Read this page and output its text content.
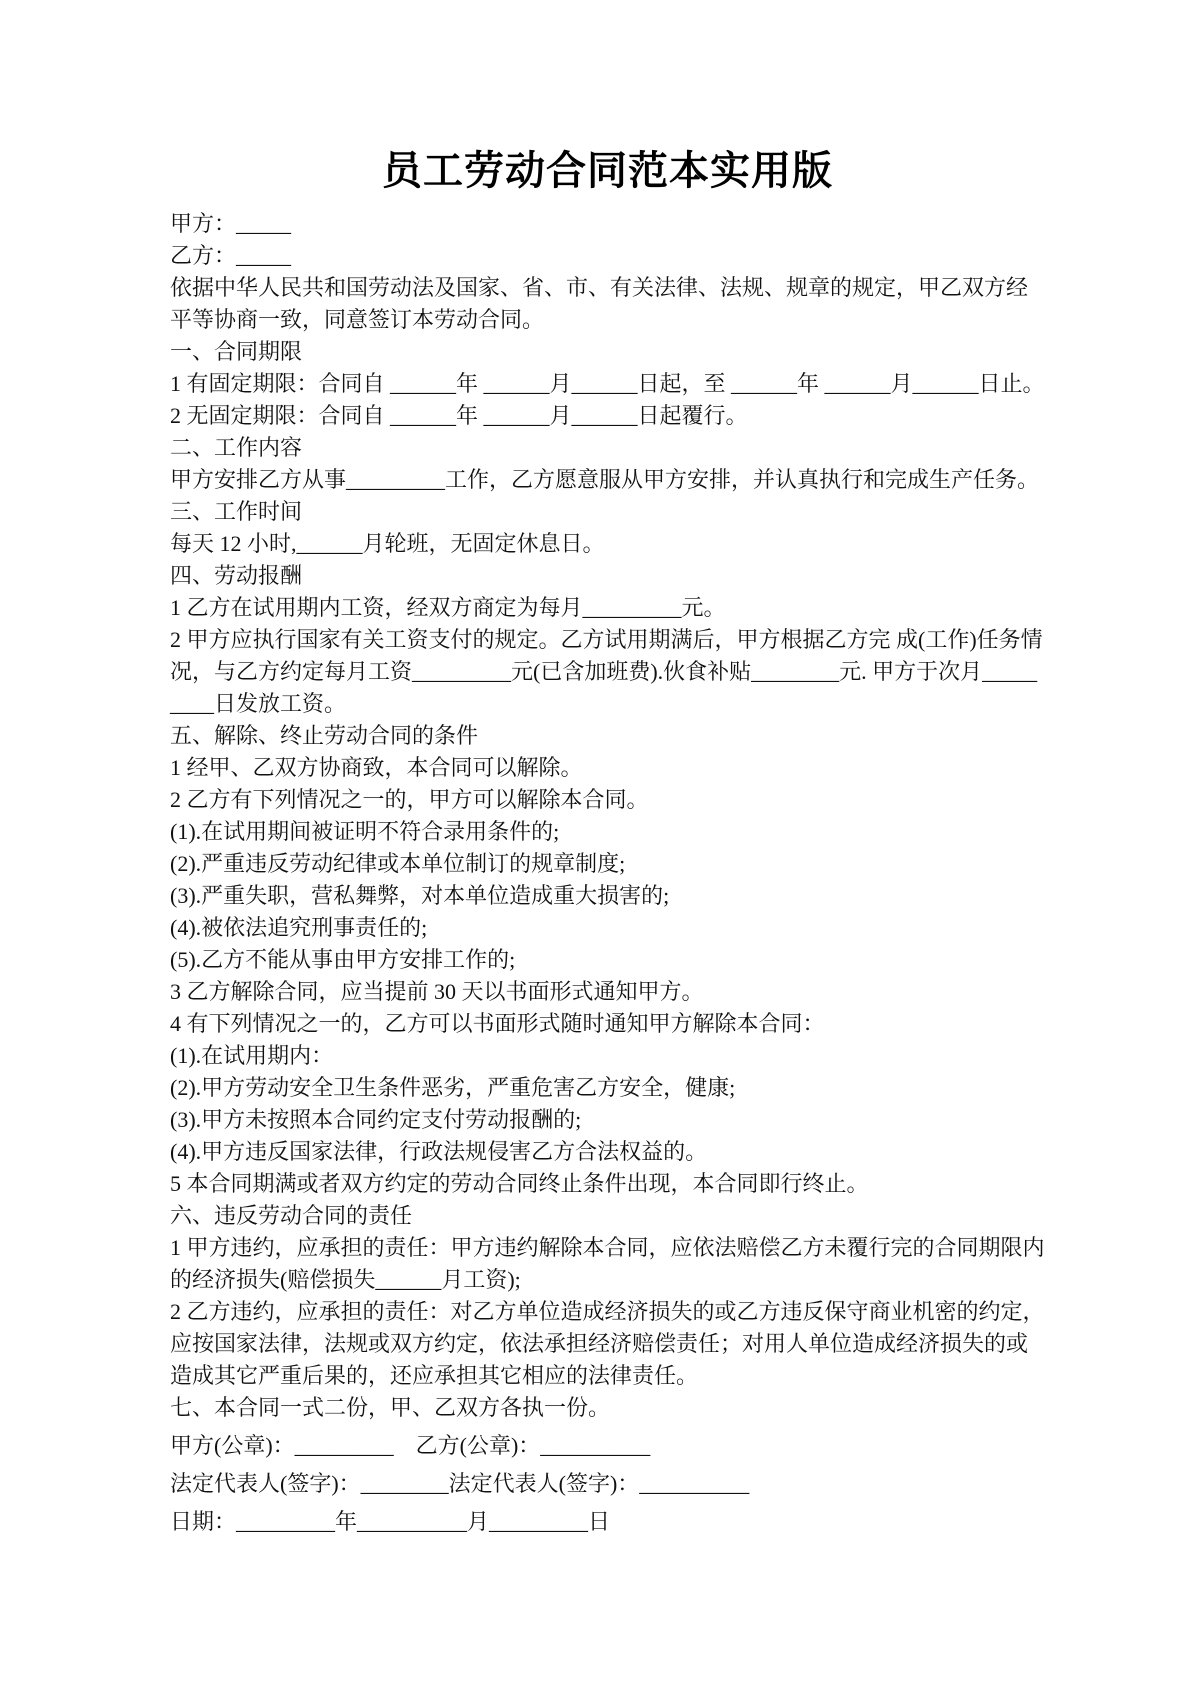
员工劳动合同范本实用版

甲方：_____

乙方：_____

依据中华人民共和国劳动法及国家、省、市、有关法律、法规、规章的规定，甲乙双方经平等协商一致，同意签订本劳动合同。

一、合同期限

1 有固定期限：合同自 ______年 ______月______日起，至 ______年 ______月______日止。

2 无固定期限：合同自 ______年 ______月______日起覆行。

二、工作内容

甲方安排乙方从事_________工作，乙方愿意服从甲方安排，并认真执行和完成生产任务。

三、工作时间

每天 12 小时,______月轮班，无固定休息日。

四、劳动报酬

1 乙方在试用期内工资，经双方商定为每月_________元。

2 甲方应执行国家有关工资支付的规定。乙方试用期满后，甲方根据乙方完 成(工作)任务情况，与乙方约定每月工资_________元(已含加班费).伙食补贴________元. 甲方于次月_________日发放工资。

五、解除、终止劳动合同的条件

1 经甲、乙双方协商致，本合同可以解除。

2 乙方有下列情况之一的，甲方可以解除本合同。

(1).在试用期间被证明不符合录用条件的;

(2).严重违反劳动纪律或本单位制订的规章制度;

(3).严重失职，营私舞弊，对本单位造成重大损害的;

(4).被依法追究刑事责任的;

(5).乙方不能从事由甲方安排工作的;

3 乙方解除合同，应当提前 30 天以书面形式通知甲方。

4 有下列情况之一的，乙方可以书面形式随时通知甲方解除本合同：

(1).在试用期内：

(2).甲方劳动安全卫生条件恶劣，严重危害乙方安全，健康;

(3).甲方未按照本合同约定支付劳动报酬的;

(4).甲方违反国家法律，行政法规侵害乙方合法权益的。

5 本合同期满或者双方约定的劳动合同终止条件出现，本合同即行终止。

六、违反劳动合同的责任

1 甲方违约，应承担的责任：甲方违约解除本合同，应依法赔偿乙方未覆行完的合同期限内的经济损失(赔偿损失______月工资);

2 乙方违约，应承担的责任：对乙方单位造成经济损失的或乙方违反保守商业机密的约定，应按国家法律，法规或双方约定，依法承担经济赔偿责任；对用人单位造成经济损失的或造成其它严重后果的，还应承担其它相应的法律责任。

七、本合同一式二份，甲、乙双方各执一份。

甲方(公章)：_________　乙方(公章)：__________

法定代表人(签字)：________法定代表人(签字)：__________

日期：_________年__________月_________日
